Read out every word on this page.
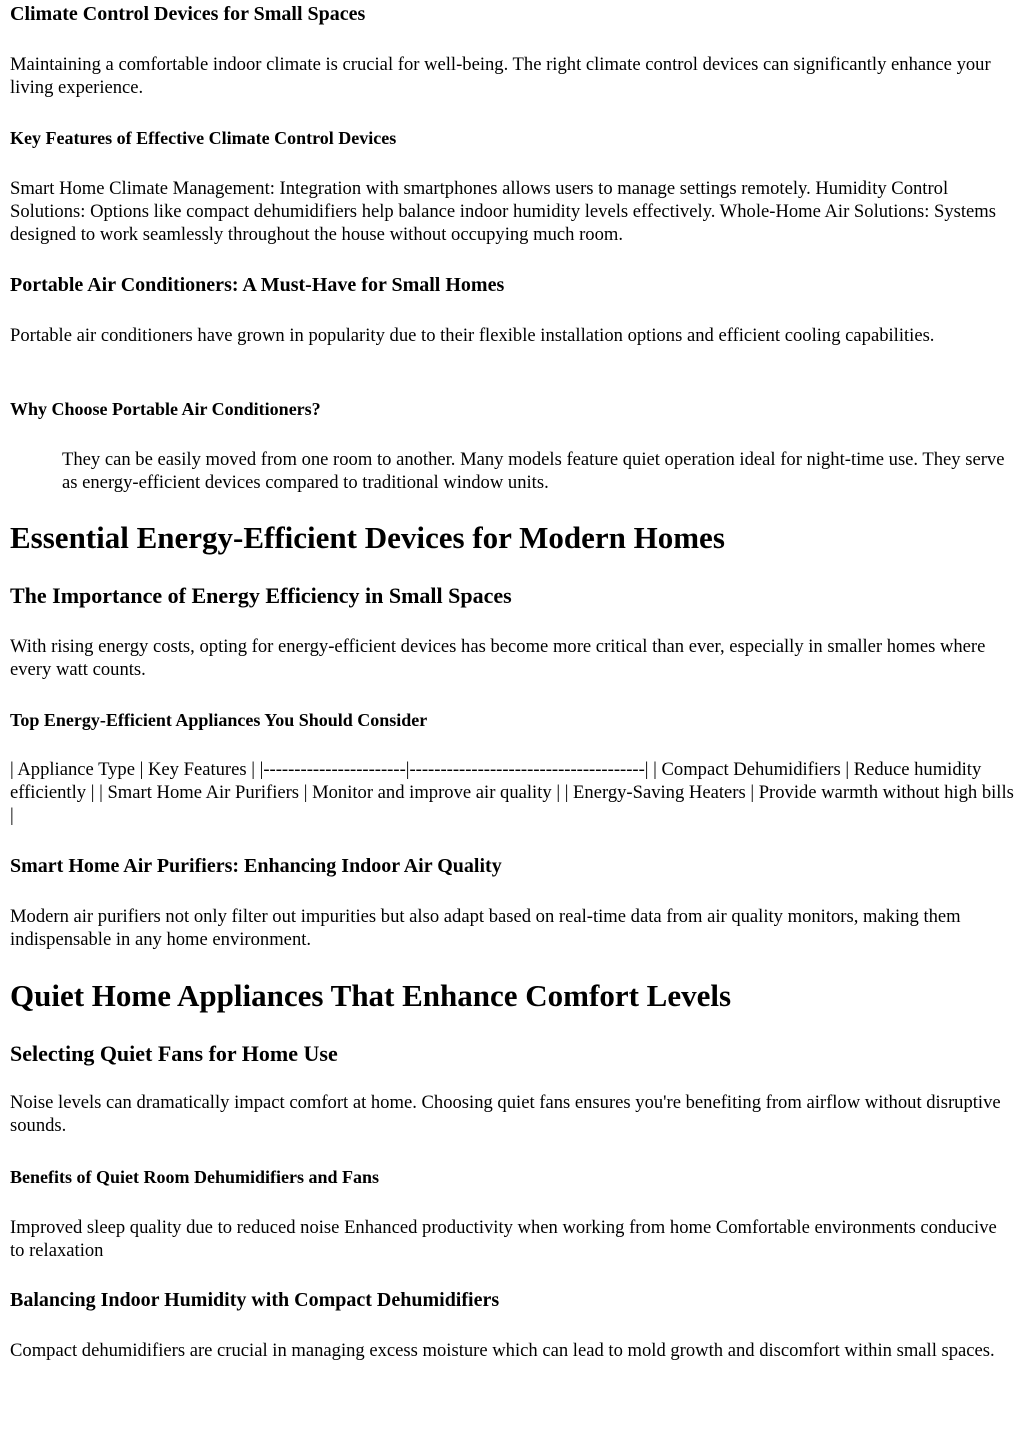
Climate Control Devices for Small Spaces

Maintaining a comfortable indoor climate is crucial for well-being. The right climate control devices can significantly enhance your living experience.

Key Features of Effective Climate Control Devices

Smart Home Climate Management: Integration with smartphones allows users to manage settings remotely. Humidity Control Solutions: Options like compact dehumidifiers help balance indoor humidity levels effectively. Whole-Home Air Solutions: Systems designed to work seamlessly throughout the house without occupying much room.

Portable Air Conditioners: A Must-Have for Small Homes

Portable air conditioners have grown in popularity due to their flexible installation options and efficient cooling capabilities.

Why Choose Portable Air Conditioners?

They can be easily moved from one room to another. Many models feature quiet operation ideal for night-time use. They serve as energy-efficient devices compared to traditional window units.

Essential Energy-Efficient Devices for Modern Homes
The Importance of Energy Efficiency in Small Spaces

With rising energy costs, opting for energy-efficient devices has become more critical than ever, especially in smaller homes where every watt counts.

Top Energy-Efficient Appliances You Should Consider

| Appliance Type | Key Features | |-----------------------|--------------------------------------| | Compact Dehumidifiers | Reduce humidity efficiently | | Smart Home Air Purifiers | Monitor and improve air quality | | Energy-Saving Heaters | Provide warmth without high bills |

Smart Home Air Purifiers: Enhancing Indoor Air Quality

Modern air purifiers not only filter out impurities but also adapt based on real-time data from air quality monitors, making them indispensable in any home environment.

Quiet Home Appliances That Enhance Comfort Levels
Selecting Quiet Fans for Home Use

Noise levels can dramatically impact comfort at home. Choosing quiet fans ensures you're benefiting from airflow without disruptive sounds.

Benefits of Quiet Room Dehumidifiers and Fans

Improved sleep quality due to reduced noise Enhanced productivity when working from home Comfortable environments conducive to relaxation

Balancing Indoor Humidity with Compact Dehumidifiers

Compact dehumidifiers are crucial in managing excess moisture which can lead to mold growth and discomfort within small spaces.
